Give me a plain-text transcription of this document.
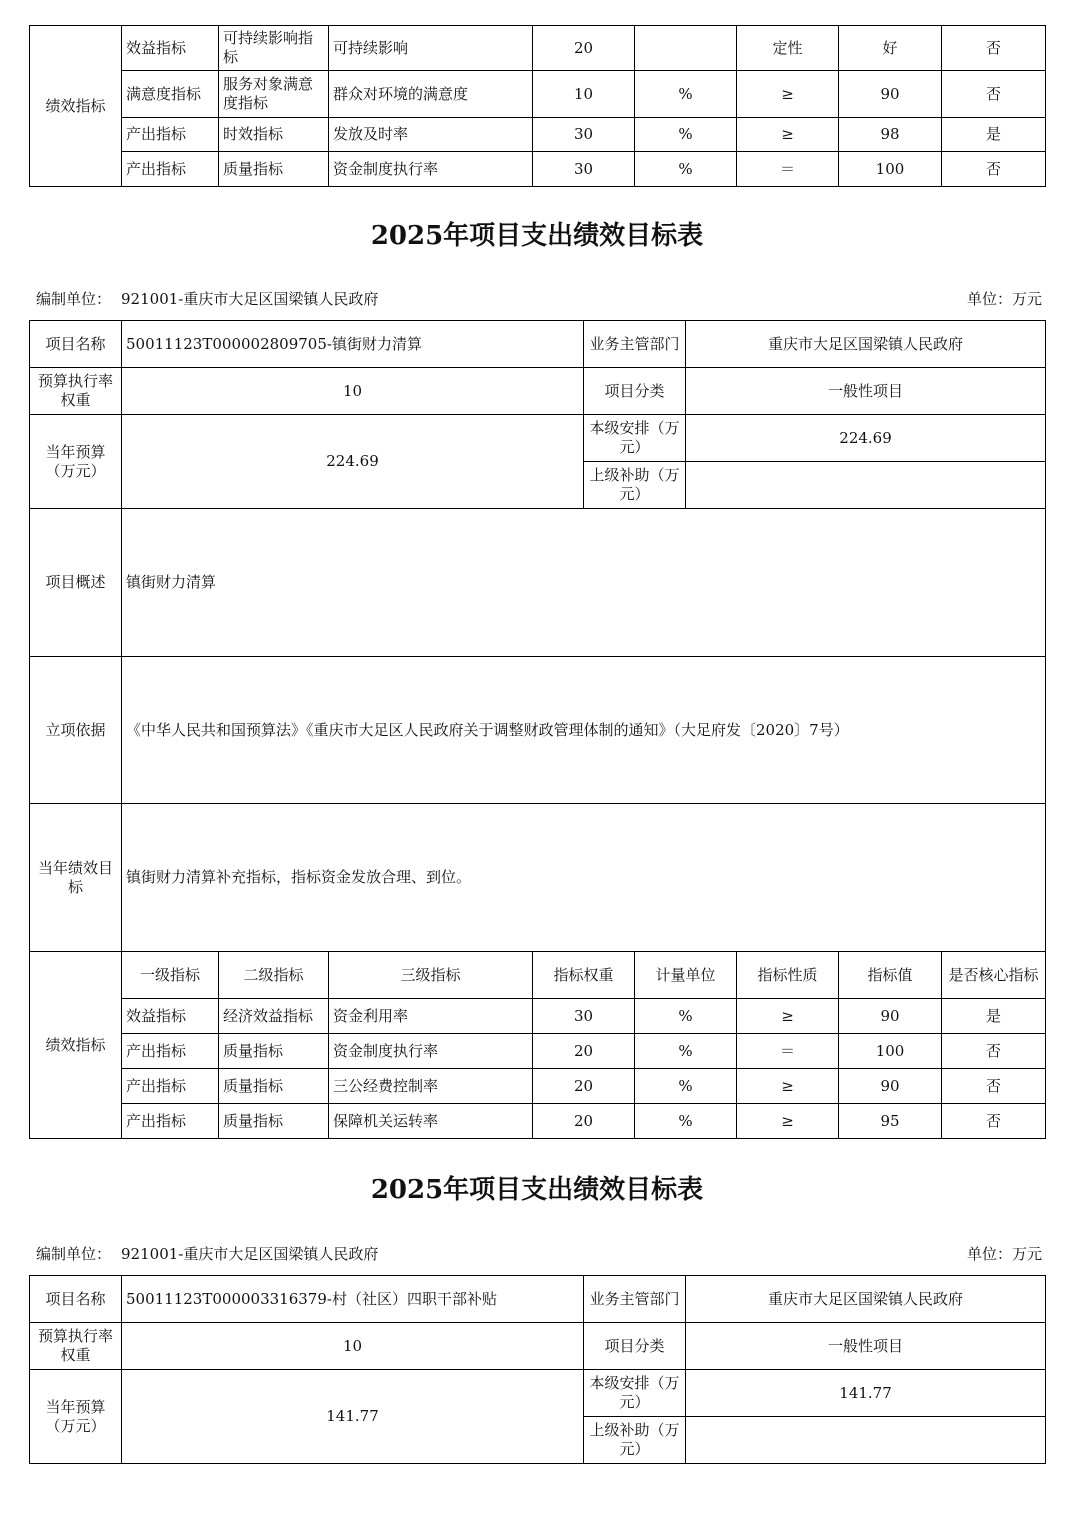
绩效指标	效益指标	可持续影响指标	可持续影响	20		定性	好	否
	满意度指标	服务对象满意度指标	群众对环境的满意度	10	%	≥	90	否
	产出指标	时效指标	发放及时率	30	%	≥	98	是
	产出指标	质量指标	资金制度执行率	30	%	＝	100	否
2025年项目支出绩效目标表
编制单位： 921001-重庆市大足区国梁镇人民政府	单位：万元
项目名称	50011123T000002809705-镇街财力清算				业务主管部门		重庆市大足区国梁镇人民政府			
预算执行率权重	10				项目分类		一般性项目			
当年预算（万元）	224.69				本级安排（万元）		224.69			
					上级补助（万元）					
项目概述	镇街财力清算									
立项依据	《中华人民共和国预算法》《重庆市大足区人民政府关于调整财政管理体制的通知》（大足府发〔2020〕7号）									
当年绩效目标	镇街财力清算补充指标，指标资金发放合理、到位。									
绩效指标	一级指标	二级指标	三级指标	指标权重		计量单位		指标性质	指标值	是否核心指标
	效益指标	经济效益指标	资金利用率	30		%		≥	90	是
	产出指标	质量指标	资金制度执行率	20		%		＝	100	否
	产出指标	质量指标	三公经费控制率	20		%		≥	90	否
	产出指标	质量指标	保障机关运转率	20		%		≥	95	否
2025年项目支出绩效目标表
编制单位： 921001-重庆市大足区国梁镇人民政府	单位：万元
项目名称	50011123T000003316379-村（社区）四职干部补贴	业务主管部门	重庆市大足区国梁镇人民政府
预算执行率权重	10	项目分类	一般性项目
当年预算（万元）	141.77	本级安排（万元）	141.77
		上级补助（万元）	
